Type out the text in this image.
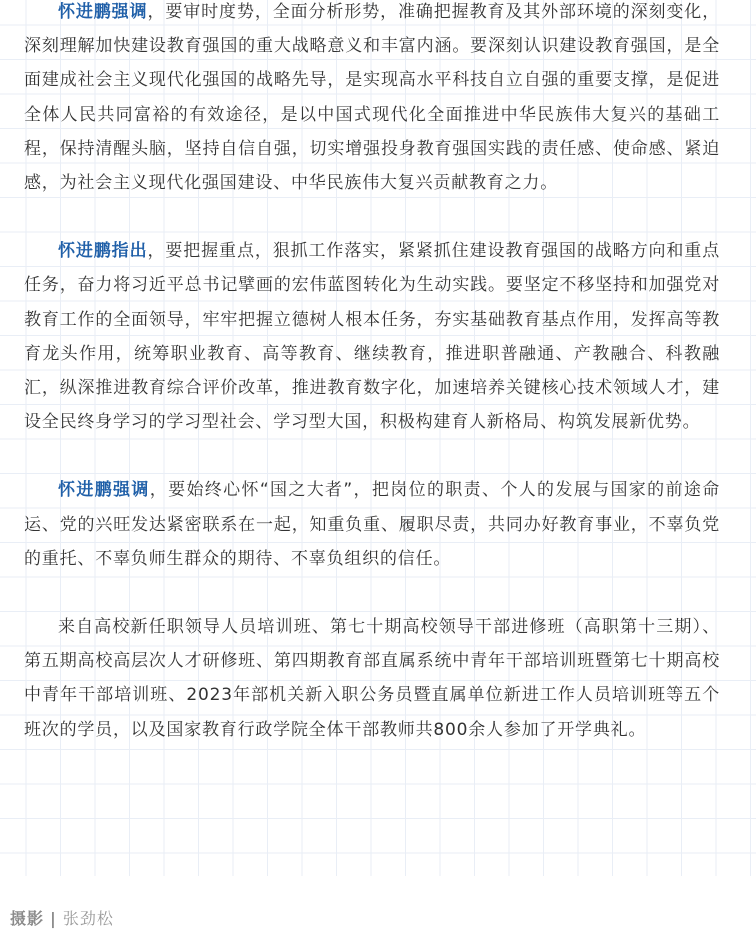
怀进鹏强调，要审时度势，全面分析形势，准确把握教育及其外部环境的深刻变化，深刻理解加快建设教育强国的重大战略意义和丰富内涵。要深刻认识建设教育强国，是全面建成社会主义现代化强国的战略先导，是实现高水平科技自立自强的重要支撑，是促进全体人民共同富裕的有效途径，是以中国式现代化全面推进中华民族伟大复兴的基础工程，保持清醒头脑，坚持自信自强，切实增强投身教育强国实践的责任感、使命感、紧迫感，为社会主义现代化强国建设、中华民族伟大复兴贡献教育之力。

怀进鹏指出，要把握重点，狠抓工作落实，紧紧抓住建设教育强国的战略方向和重点任务，奋力将习近平总书记擘画的宏伟蓝图转化为生动实践。要坚定不移坚持和加强党对教育工作的全面领导，牢牢把握立德树人根本任务，夯实基础教育基点作用，发挥高等教育龙头作用，统筹职业教育、高等教育、继续教育，推进职普融通、产教融合、科教融汇，纵深推进教育综合评价改革，推进教育数字化，加速培养关键核心技术领域人才，建设全民终身学习的学习型社会、学习型大国，积极构建育人新格局、构筑发展新优势。

怀进鹏强调，要始终心怀“国之大者”，把岗位的职责、个人的发展与国家的前途命运、党的兴旺发达紧密联系在一起，知重负重、履职尽责，共同办好教育事业，不辜负党的重托、不辜负师生群众的期待、不辜负组织的信任。

来自高校新任职领导人员培训班、第七十期高校领导干部进修班（高职第十三期）、第五期高校高层次人才研修班、第四期教育部直属系统中青年干部培训班暨第七十期高校中青年干部培训班、2023年部机关新入职公务员暨直属单位新进工作人员培训班等五个班次的学员，以及国家教育行政学院全体干部教师共800余人参加了开学典礼。

摄影 | 张劲松
